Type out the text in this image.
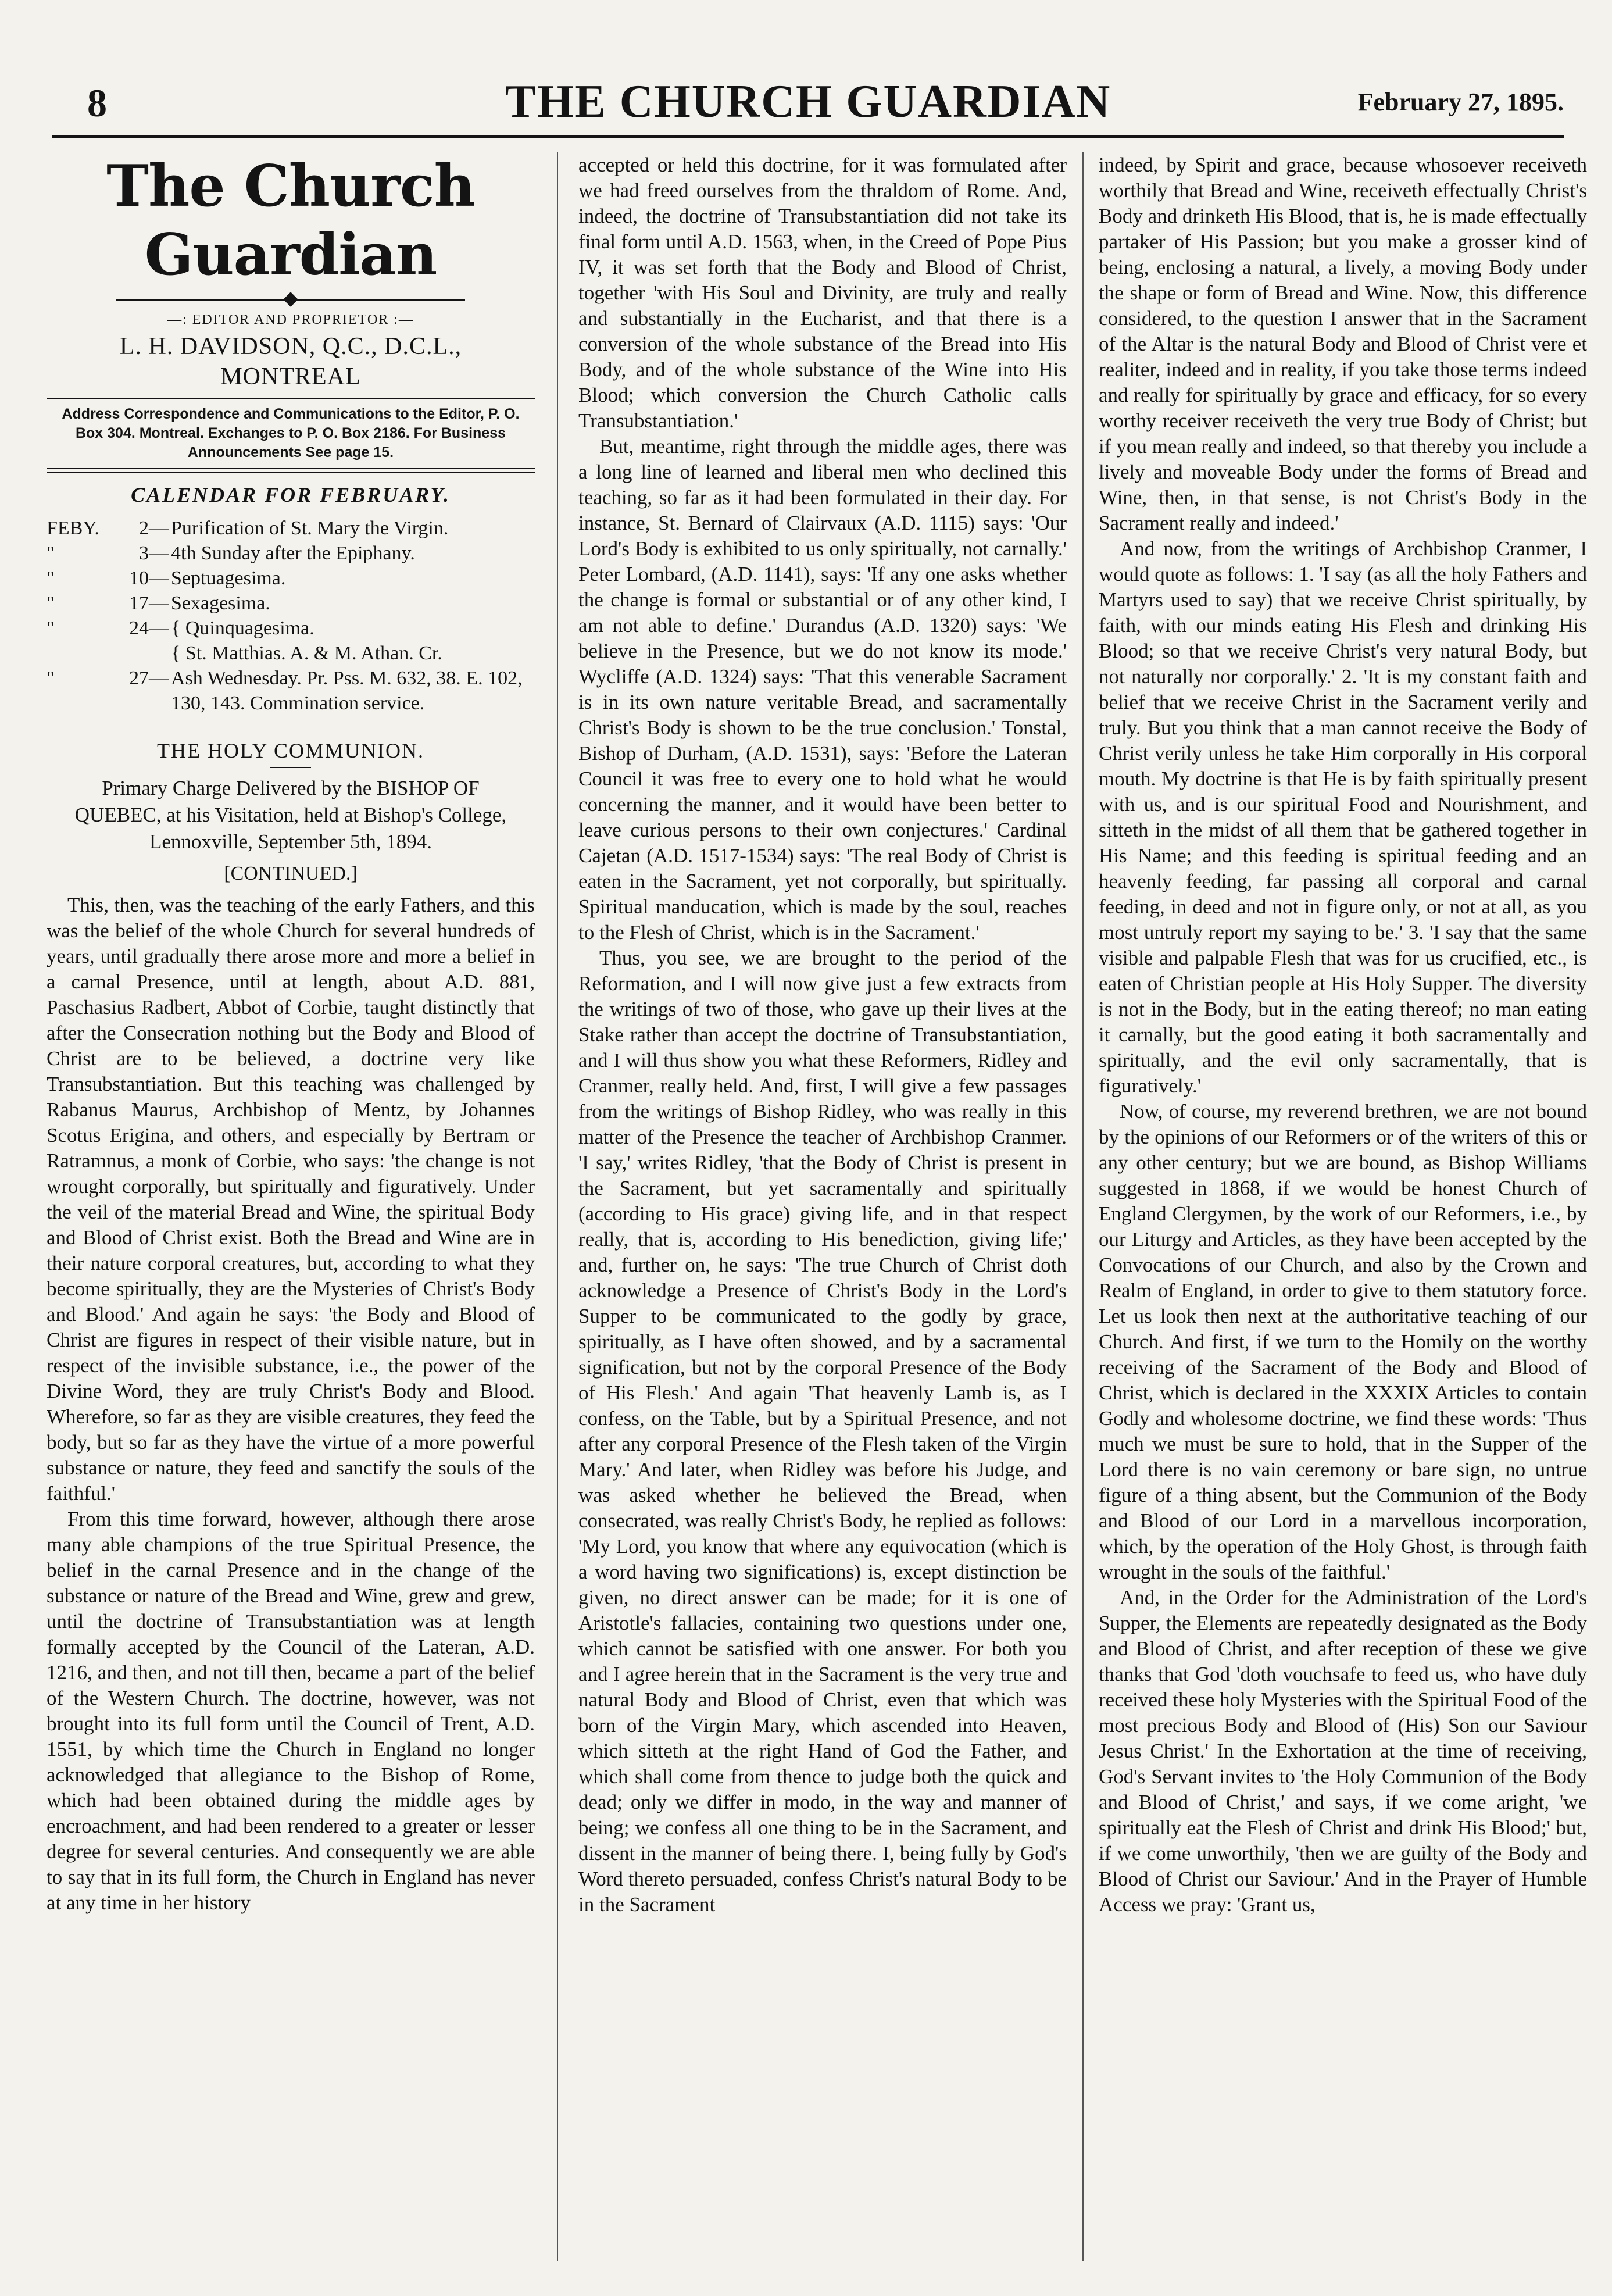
8	THE CHURCH GUARDIAN	February 27, 1895.
The Church Guardian
—: EDITOR AND PROPRIETOR :—
L. H. DAVIDSON, Q.C., D.C.L., MONTREAL
Address Correspondence and Communications to the Editor, P. O. Box 304. Montreal. Exchanges to P. O. Box 2186. For Business Announcements See page 15.
CALENDAR FOR FEBRUARY.
FEBY.	2— Purification of St. Mary the Virgin.
"	3— 4th Sunday after the Epiphany.
"	10— Septuagesima.
"	17— Sexagesima.
"	24— { Quinquagesima.
{ St. Matthias. A. & M. Athan. Cr.
"	27— Ash Wednesday. Pr. Pss. M. 632, 38. E. 102, 130, 143. Commination service.
THE HOLY COMMUNION.
Primary Charge Delivered by the BISHOP OF QUEBEC, at his Visitation, held at Bishop's College, Lennoxville, September 5th, 1894.
[CONTINUED.]

This, then, was the teaching of the early Fathers, and this was the belief of the whole Church for several hundreds of years, until gradually there arose more and more a belief in a carnal Presence, until at length, about A.D. 881, Paschasius Radbert, Abbot of Corbie, taught distinctly that after the Consecration nothing but the Body and Blood of Christ are to be believed, a doctrine very like Transubstantiation. But this teaching was challenged by Rabanus Maurus, Archbishop of Mentz, by Johannes Scotus Erigina, and others, and especially by Bertram or Ratramnus, a monk of Corbie, who says: 'the change is not wrought corporally, but spiritually and figuratively. Under the veil of the material Bread and Wine, the spiritual Body and Blood of Christ exist. Both the Bread and Wine are in their nature corporal creatures, but, according to what they become spiritually, they are the Mysteries of Christ's Body and Blood.' And again he says: 'the Body and Blood of Christ are figures in respect of their visible nature, but in respect of the invisible substance, i.e., the power of the Divine Word, they are truly Christ's Body and Blood. Wherefore, so far as they are visible creatures, they feed the body, but so far as they have the virtue of a more powerful substance or nature, they feed and sanctify the souls of the faithful.'

From this time forward, however, although there arose many able champions of the true Spiritual Presence, the belief in the carnal Presence and in the change of the substance or nature of the Bread and Wine, grew and grew, until the doctrine of Transubstantiation was at length formally accepted by the Council of the Lateran, A.D. 1216, and then, and not till then, became a part of the belief of the Western Church. The doctrine, however, was not brought into its full form until the Council of Trent, A.D. 1551, by which time the Church in England no longer acknowledged that allegiance to the Bishop of Rome, which had been obtained during the middle ages by encroachment, and had been rendered to a greater or lesser degree for several centuries. And consequently we are able to say that in its full form, the Church in England has never at any time in her history

accepted or held this doctrine, for it was formulated after we had freed ourselves from the thraldom of Rome. And, indeed, the doctrine of Transubstantiation did not take its final form until A.D. 1563, when, in the Creed of Pope Pius IV, it was set forth that the Body and Blood of Christ, together 'with His Soul and Divinity, are truly and really and substantially in the Eucharist, and that there is a conversion of the whole substance of the Bread into His Body, and of the whole substance of the Wine into His Blood; which conversion the Church Catholic calls Transubstantiation.'

But, meantime, right through the middle ages, there was a long line of learned and liberal men who declined this teaching, so far as it had been formulated in their day. For instance, St. Bernard of Clairvaux (A.D. 1115) says: 'Our Lord's Body is exhibited to us only spiritually, not carnally.' Peter Lombard, (A.D. 1141), says: 'If any one asks whether the change is formal or substantial or of any other kind, I am not able to define.' Durandus (A.D. 1320) says: 'We believe in the Presence, but we do not know its mode.' Wycliffe (A.D. 1324) says: 'That this venerable Sacrament is in its own nature veritable Bread, and sacramentally Christ's Body is shown to be the true conclusion.' Tonstal, Bishop of Durham, (A.D. 1531), says: 'Before the Lateran Council it was free to every one to hold what he would concerning the manner, and it would have been better to leave curious persons to their own conjectures.' Cardinal Cajetan (A.D. 1517-1534) says: 'The real Body of Christ is eaten in the Sacrament, yet not corporally, but spiritually. Spiritual manducation, which is made by the soul, reaches to the Flesh of Christ, which is in the Sacrament.'

Thus, you see, we are brought to the period of the Reformation, and I will now give just a few extracts from the writings of two of those, who gave up their lives at the Stake rather than accept the doctrine of Transubstantiation, and I will thus show you what these Reformers, Ridley and Cranmer, really held. And, first, I will give a few passages from the writings of Bishop Ridley, who was really in this matter of the Presence the teacher of Archbishop Cranmer. 'I say,' writes Ridley, 'that the Body of Christ is present in the Sacrament, but yet sacramentally and spiritually (according to His grace) giving life, and in that respect really, that is, according to His benediction, giving life;' and, further on, he says: 'The true Church of Christ doth acknowledge a Presence of Christ's Body in the Lord's Supper to be communicated to the godly by grace, spiritually, as I have often showed, and by a sacramental signification, but not by the corporal Presence of the Body of His Flesh.' And again 'That heavenly Lamb is, as I confess, on the Table, but by a Spiritual Presence, and not after any corporal Presence of the Flesh taken of the Virgin Mary.' And later, when Ridley was before his Judge, and was asked whether he believed the Bread, when consecrated, was really Christ's Body, he replied as follows: 'My Lord, you know that where any equivocation (which is a word having two significations) is, except distinction be given, no direct answer can be made; for it is one of Aristotle's fallacies, containing two questions under one, which cannot be satisfied with one answer. For both you and I agree herein that in the Sacrament is the very true and natural Body and Blood of Christ, even that which was born of the Virgin Mary, which ascended into Heaven, which sitteth at the right Hand of God the Father, and which shall come from thence to judge both the quick and dead; only we differ in modo, in the way and manner of being; we confess all one thing to be in the Sacrament, and dissent in the manner of being there. I, being fully by God's Word thereto persuaded, confess Christ's natural Body to be in the Sacrament

indeed, by Spirit and grace, because whosoever receiveth worthily that Bread and Wine, receiveth effectually Christ's Body and drinketh His Blood, that is, he is made effectually partaker of His Passion; but you make a grosser kind of being, enclosing a natural, a lively, a moving Body under the shape or form of Bread and Wine. Now, this difference considered, to the question I answer that in the Sacrament of the Altar is the natural Body and Blood of Christ vere et realiter, indeed and in reality, if you take those terms indeed and really for spiritually by grace and efficacy, for so every worthy receiver receiveth the very true Body of Christ; but if you mean really and indeed, so that thereby you include a lively and moveable Body under the forms of Bread and Wine, then, in that sense, is not Christ's Body in the Sacrament really and indeed.'

And now, from the writings of Archbishop Cranmer, I would quote as follows: 1. 'I say (as all the holy Fathers and Martyrs used to say) that we receive Christ spiritually, by faith, with our minds eating His Flesh and drinking His Blood; so that we receive Christ's very natural Body, but not naturally nor corporally.' 2. 'It is my constant faith and belief that we receive Christ in the Sacrament verily and truly. But you think that a man cannot receive the Body of Christ verily unless he take Him corporally in His corporal mouth. My doctrine is that He is by faith spiritually present with us, and is our spiritual Food and Nourishment, and sitteth in the midst of all them that be gathered together in His Name; and this feeding is spiritual feeding and an heavenly feeding, far passing all corporal and carnal feeding, in deed and not in figure only, or not at all, as you most untruly report my saying to be.' 3. 'I say that the same visible and palpable Flesh that was for us crucified, etc., is eaten of Christian people at His Holy Supper. The diversity is not in the Body, but in the eating thereof; no man eating it carnally, but the good eating it both sacramentally and spiritually, and the evil only sacramentally, that is figuratively.'

Now, of course, my reverend brethren, we are not bound by the opinions of our Reformers or of the writers of this or any other century; but we are bound, as Bishop Williams suggested in 1868, if we would be honest Church of England Clergymen, by the work of our Reformers, i.e., by our Liturgy and Articles, as they have been accepted by the Convocations of our Church, and also by the Crown and Realm of England, in order to give to them statutory force. Let us look then next at the authoritative teaching of our Church. And first, if we turn to the Homily on the worthy receiving of the Sacrament of the Body and Blood of Christ, which is declared in the XXXIX Articles to contain Godly and wholesome doctrine, we find these words: 'Thus much we must be sure to hold, that in the Supper of the Lord there is no vain ceremony or bare sign, no untrue figure of a thing absent, but the Communion of the Body and Blood of our Lord in a marvellous incorporation, which, by the operation of the Holy Ghost, is through faith wrought in the souls of the faithful.'

And, in the Order for the Administration of the Lord's Supper, the Elements are repeatedly designated as the Body and Blood of Christ, and after reception of these we give thanks that God 'doth vouchsafe to feed us, who have duly received these holy Mysteries with the Spiritual Food of the most precious Body and Blood of (His) Son our Saviour Jesus Christ.' In the Exhortation at the time of receiving, God's Servant invites to 'the Holy Communion of the Body and Blood of Christ,' and says, if we come aright, 'we spiritually eat the Flesh of Christ and drink His Blood;' but, if we come unworthily, 'then we are guilty of the Body and Blood of Christ our Saviour.' And in the Prayer of Humble Access we pray: 'Grant us,
